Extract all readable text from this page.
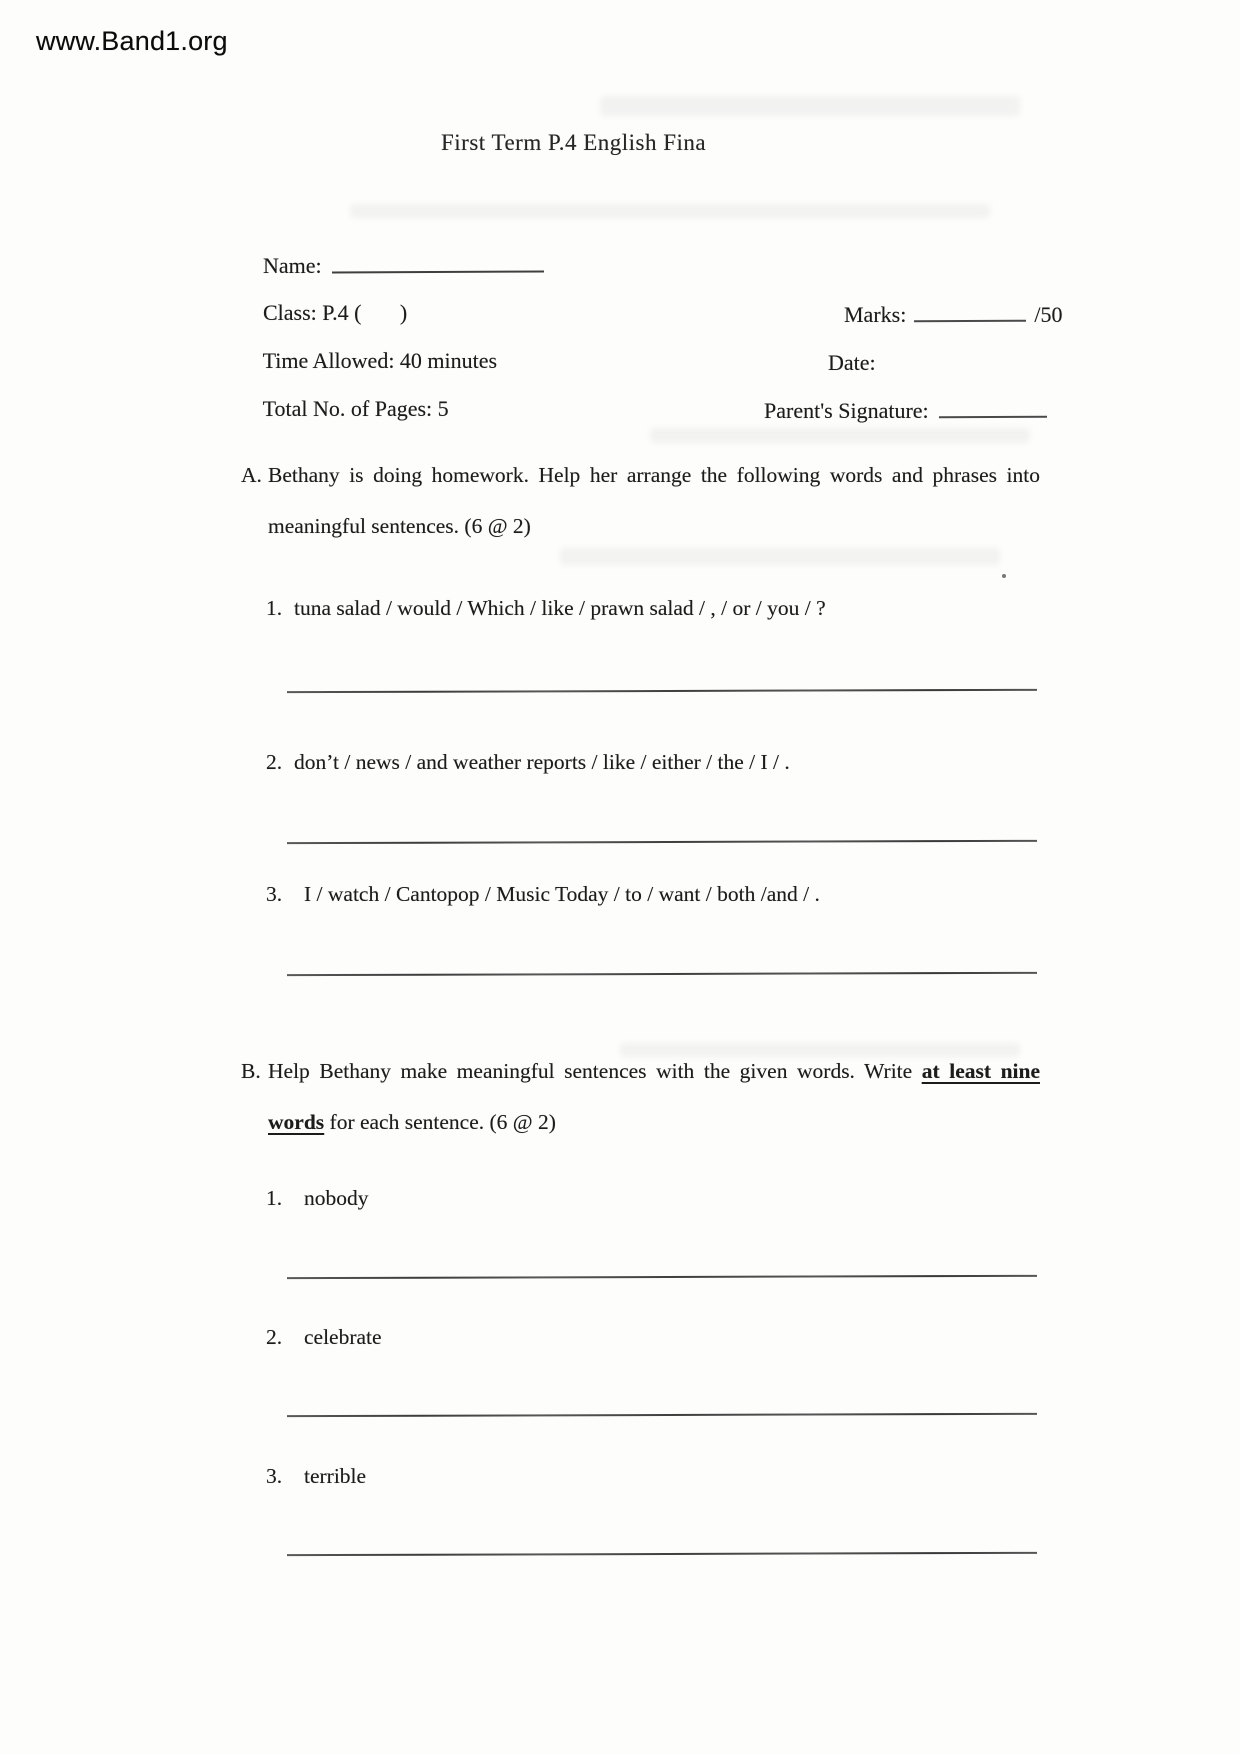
www.Band1.org
First Term P.4 English Fina

Name:

Class: P.4 (       )
	Marks:	/50

Time Allowed: 40 minutes
	Date:

Total No. of Pages: 5
	Parent's Signature:

A. Bethany is doing homework. Help her arrange the following words and phrases into meaningful sentences. (6 @ 2)
1. tuna salad / would / Which / like / prawn salad / , / or / you / ?
2. don’t / news / and weather reports / like / either / the / I / .
3. I / watch / Cantopop / Music Today / to / want / both /and / .
B. Help Bethany make meaningful sentences with the given words. Write at least nine words for each sentence. (6 @ 2)
1. nobody
2. celebrate
3. terrible
